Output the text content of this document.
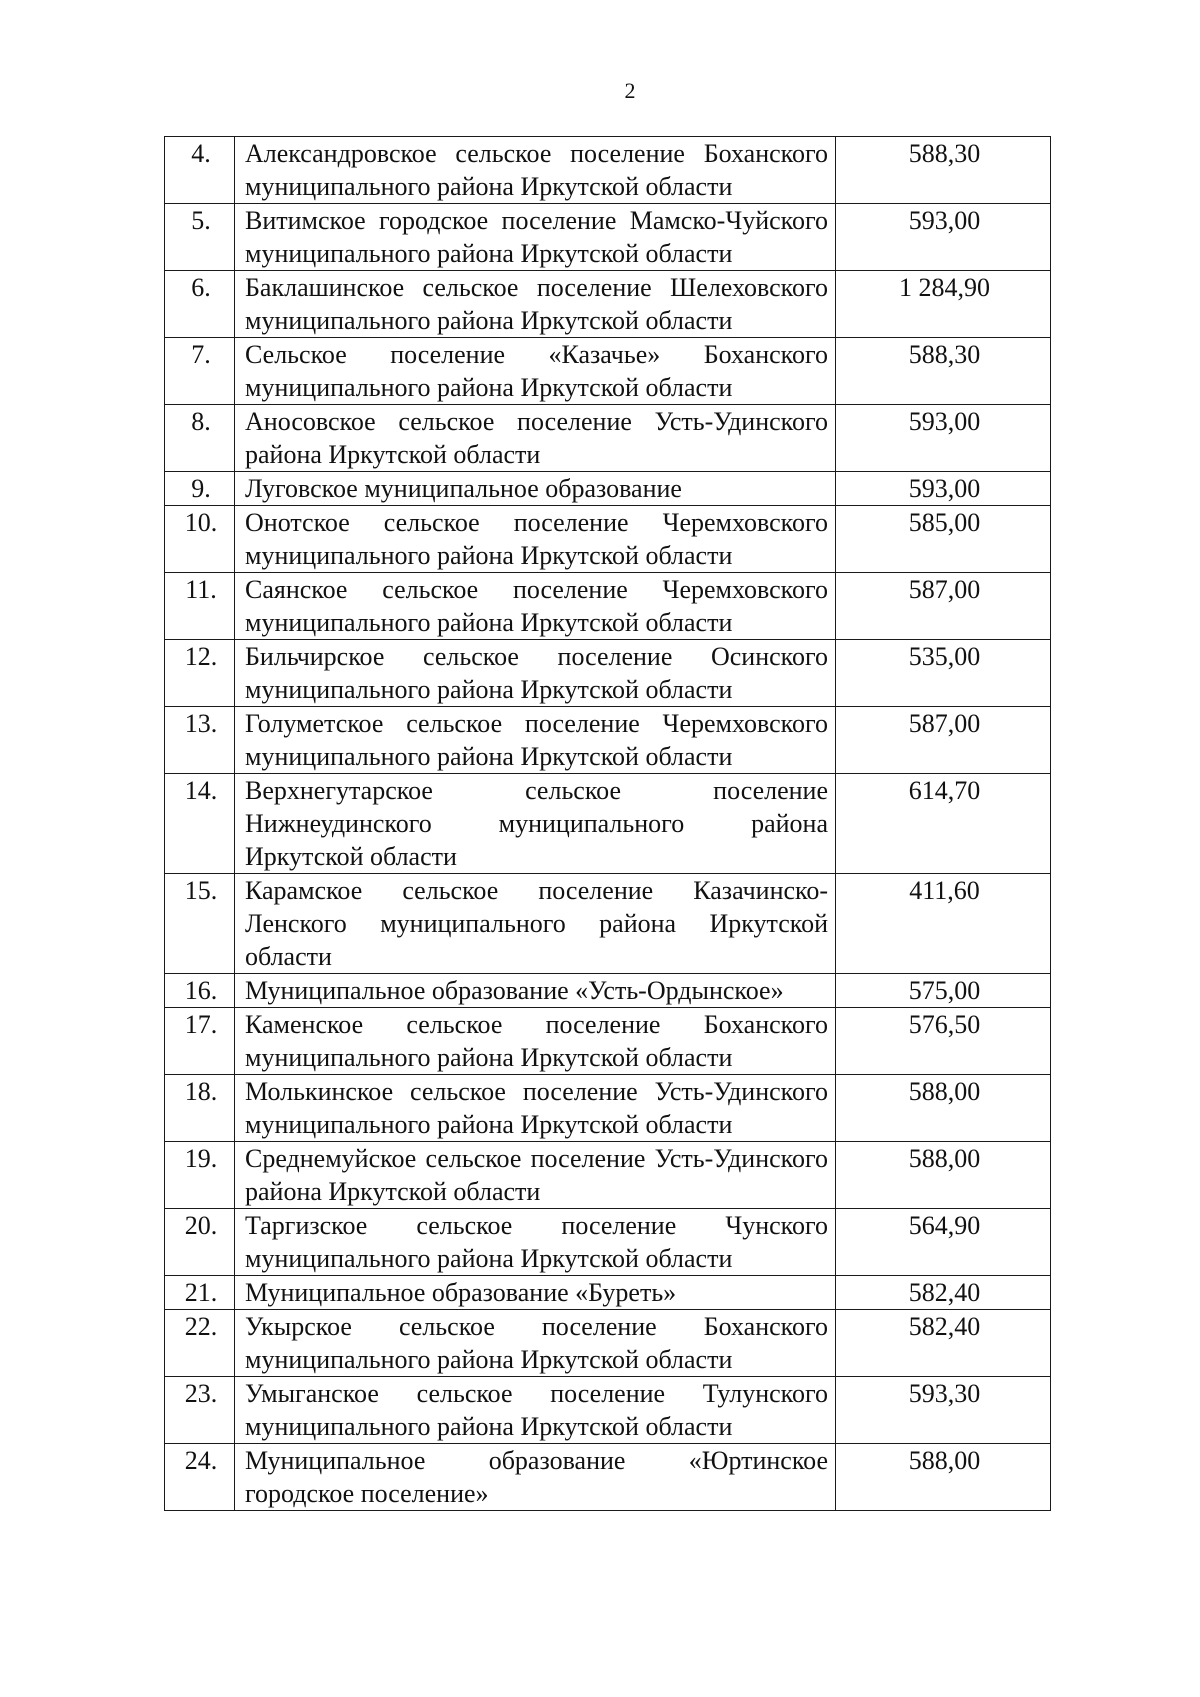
2
4.	Александровское сельское поселение Боханского муниципального района Иркутской области	588,30
5.	Витимское городское поселение Мамско-Чуйского муниципального района Иркутской области	593,00
6.	Баклашинское сельское поселение Шелеховского муниципального района Иркутской области	1 284,90
7.	Сельское поселение «Казачье» Боханского муниципального района Иркутской области	588,30
8.	Аносовское сельское поселение Усть-Удинского района Иркутской области	593,00
9.	Луговское муниципальное образование	593,00
10.	Онотское сельское поселение Черемховского муниципального района Иркутской области	585,00
11.	Саянское сельское поселение Черемховского муниципального района Иркутской области	587,00
12.	Бильчирское сельское поселение Осинского муниципального района Иркутской области	535,00
13.	Голуметское сельское поселение Черемховского муниципального района Иркутской области	587,00
14.	Верхнегутарское сельское поселение Нижнеудинского муниципального района Иркутской области	614,70
15.	Карамское сельское поселение Казачинско-Ленского муниципального района Иркутской области	411,60
16.	Муниципальное образование «Усть-Ордынское»	575,00
17.	Каменское сельское поселение Боханского муниципального района Иркутской области	576,50
18.	Молькинское сельское поселение Усть-Удинского муниципального района Иркутской области	588,00
19.	Среднемуйское сельское поселение Усть-Удинского района Иркутской области	588,00
20.	Таргизское сельское поселение Чунского муниципального района Иркутской области	564,90
21.	Муниципальное образование «Буреть»	582,40
22.	Укырское сельское поселение Боханского муниципального района Иркутской области	582,40
23.	Умыганское сельское поселение Тулунского муниципального района Иркутской области	593,30
24.	Муниципальное образование «Юртинское городское поселение»	588,00
